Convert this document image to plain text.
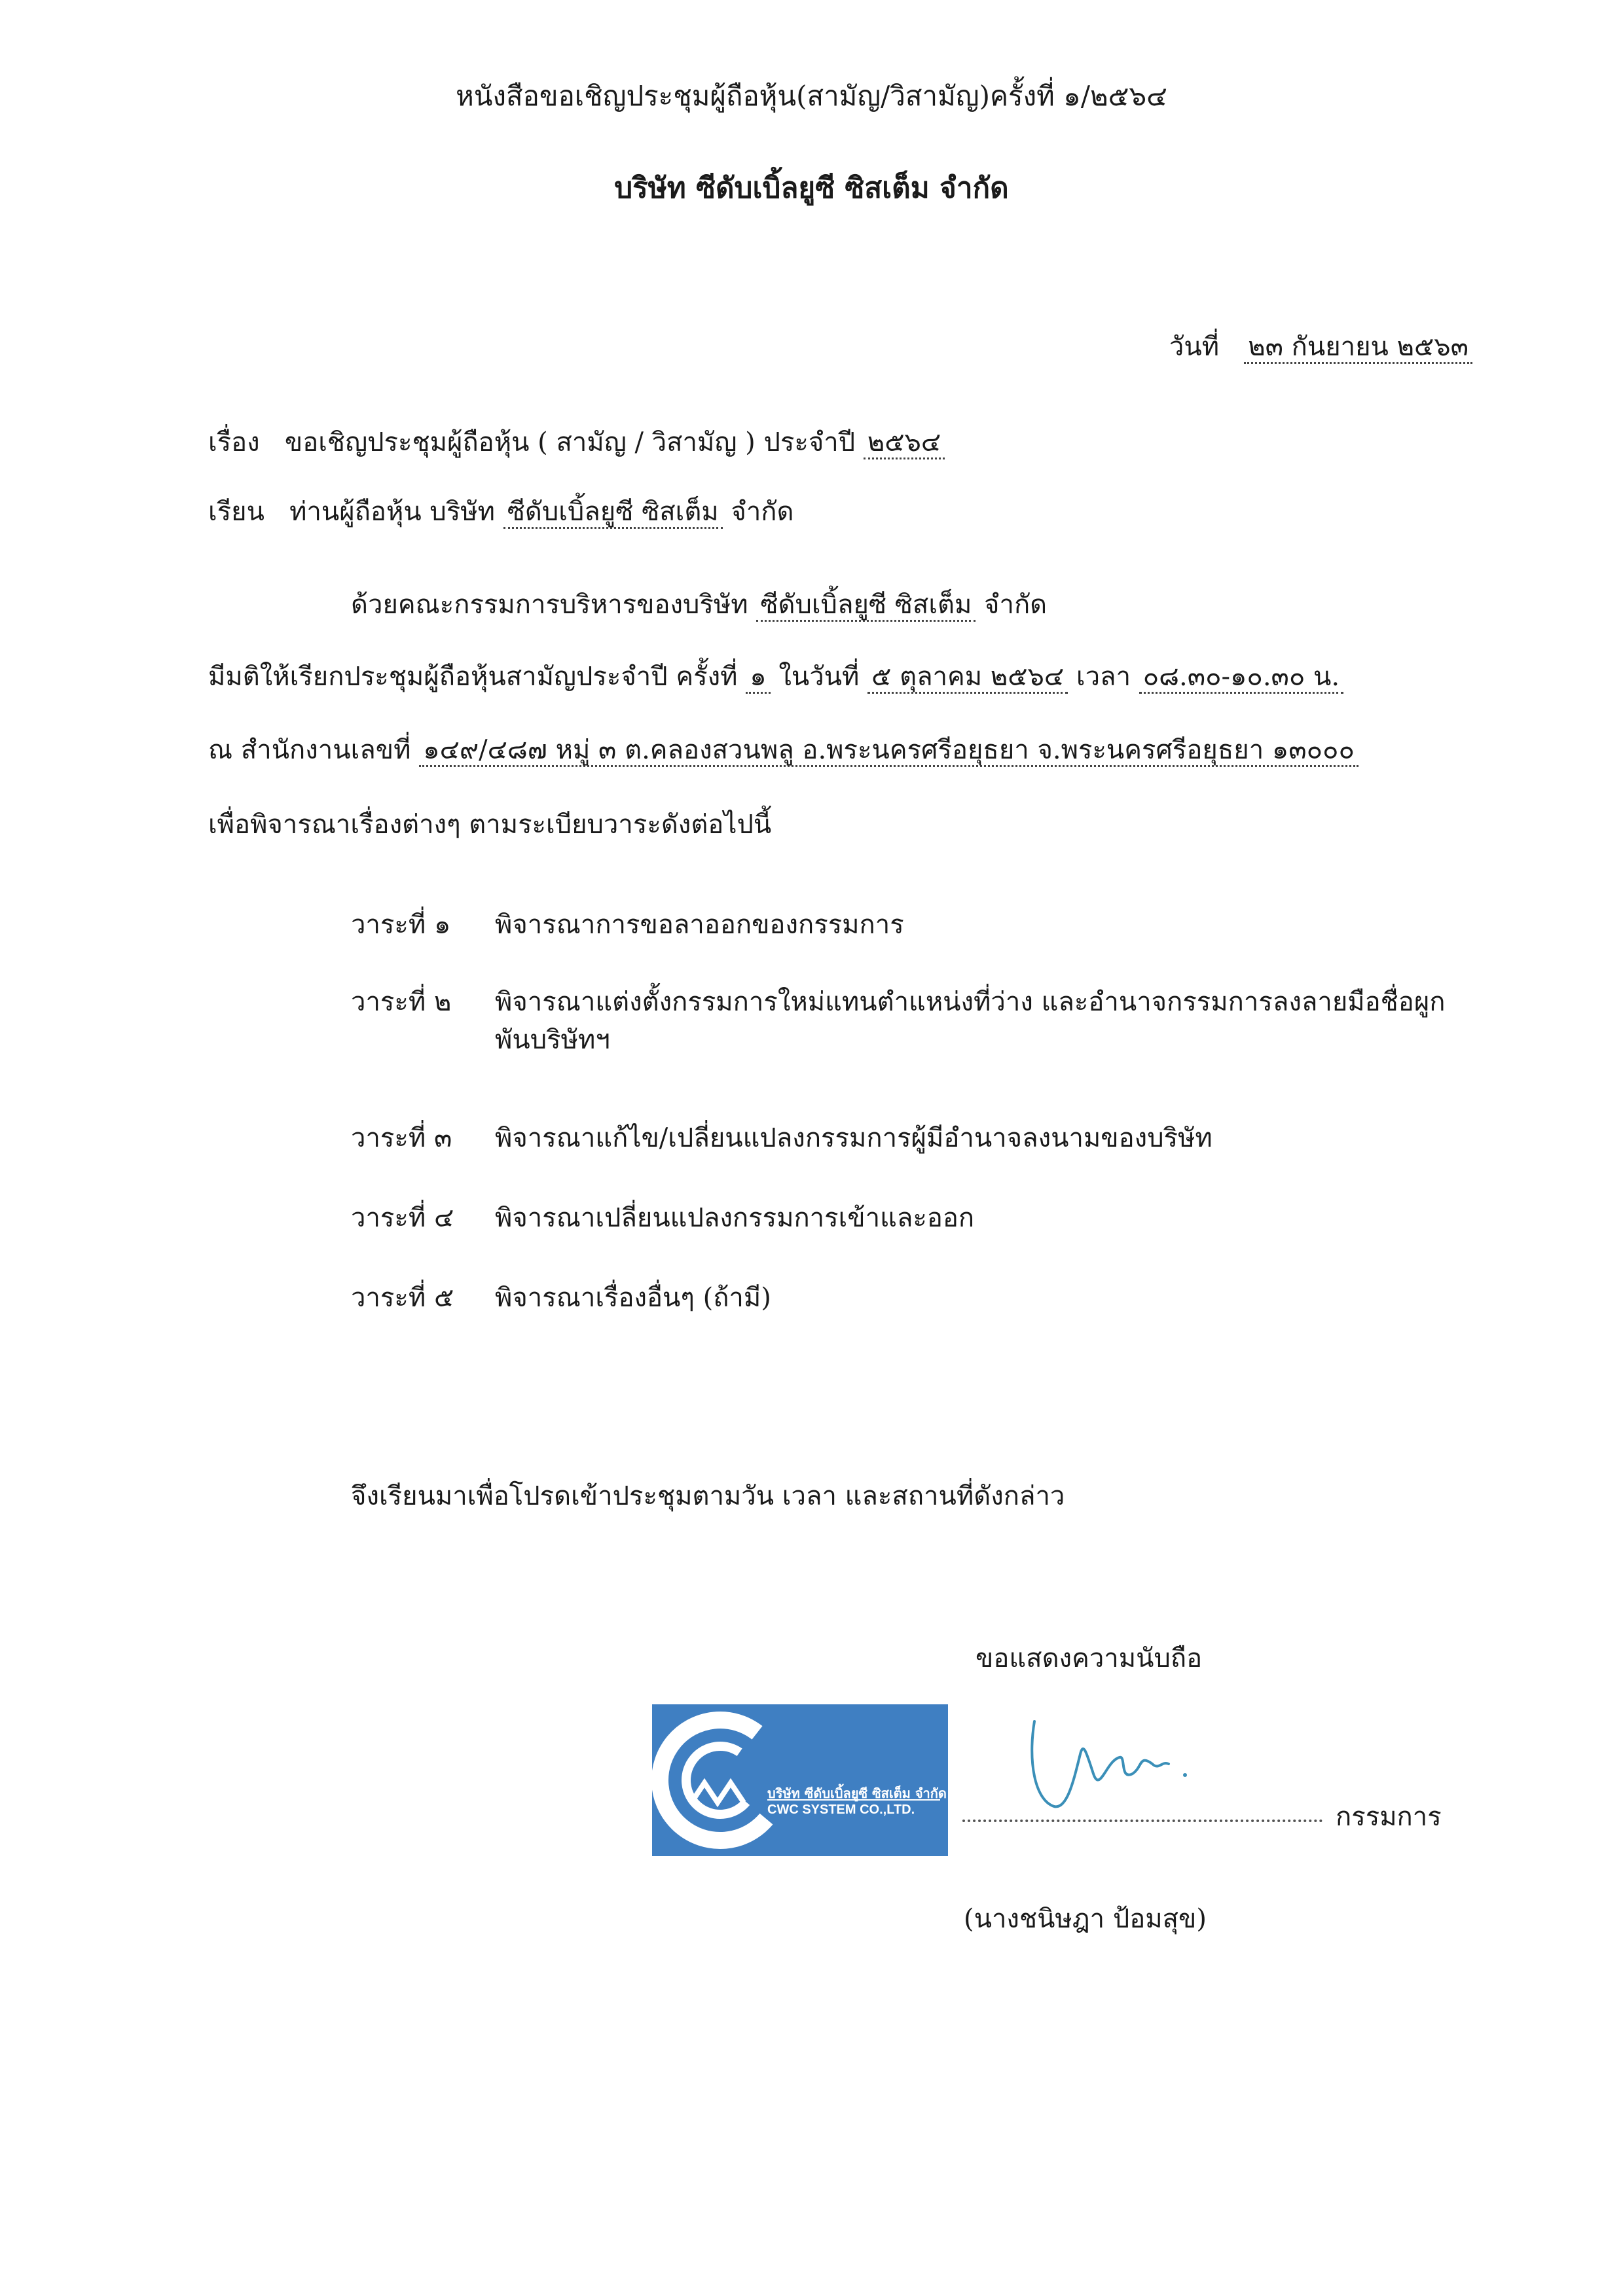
หนังสือขอเชิญประชุมผู้ถือหุ้น(สามัญ/วิสามัญ)ครั้งที่ ๑/๒๕๖๔
บริษัท ซีดับเบิ้ลยูซี ซิสเต็ม จำกัด
วันที่ ๒๓ กันยายน ๒๕๖๓
เรื่อง ขอเชิญประชุมผู้ถือหุ้น ( สามัญ / วิสามัญ ) ประจำปี ๒๕๖๔
เรียน ท่านผู้ถือหุ้น บริษัท ซีดับเบิ้ลยูซี ซิสเต็ม จำกัด
ด้วยคณะกรรมการบริหารของบริษัท ซีดับเบิ้ลยูซี ซิสเต็ม จำกัด
มีมติให้เรียกประชุมผู้ถือหุ้นสามัญประจำปี ครั้งที่ ๑ ในวันที่ ๕ ตุลาคม ๒๕๖๔ เวลา ๐๘.๓๐-๑๐.๓๐ น.
ณ สำนักงานเลขที่ ๑๔๙/๔๘๗ หมู่ ๓ ต.คลองสวนพลู อ.พระนครศรีอยุธยา จ.พระนครศรีอยุธยา ๑๓๐๐๐
เพื่อพิจารณาเรื่องต่างๆ ตามระเบียบวาระดังต่อไปนี้
วาระที่ ๑ พิจารณาการขอลาออกของกรรมการ
วาระที่ ๒ พิจารณาแต่งตั้งกรรมการใหม่แทนตำแหน่งที่ว่าง และอำนาจกรรมการลงลายมือชื่อผูกพันบริษัทฯ
วาระที่ ๓ พิจารณาแก้ไข/เปลี่ยนแปลงกรรมการผู้มีอำนาจลงนามของบริษัท
วาระที่ ๔ พิจารณาเปลี่ยนแปลงกรรมการเข้าและออก
วาระที่ ๕ พิจารณาเรื่องอื่นๆ (ถ้ามี)
จึงเรียนมาเพื่อโปรดเข้าประชุมตามวัน เวลา และสถานที่ดังกล่าว
ขอแสดงความนับถือ
บริษัท ซีดับเบิ้ลยูซี ซิสเต็ม จำกัด
CWC SYSTEM CO.,LTD.	กรรมการ
(นางชนิษฎา ป้อมสุข)
